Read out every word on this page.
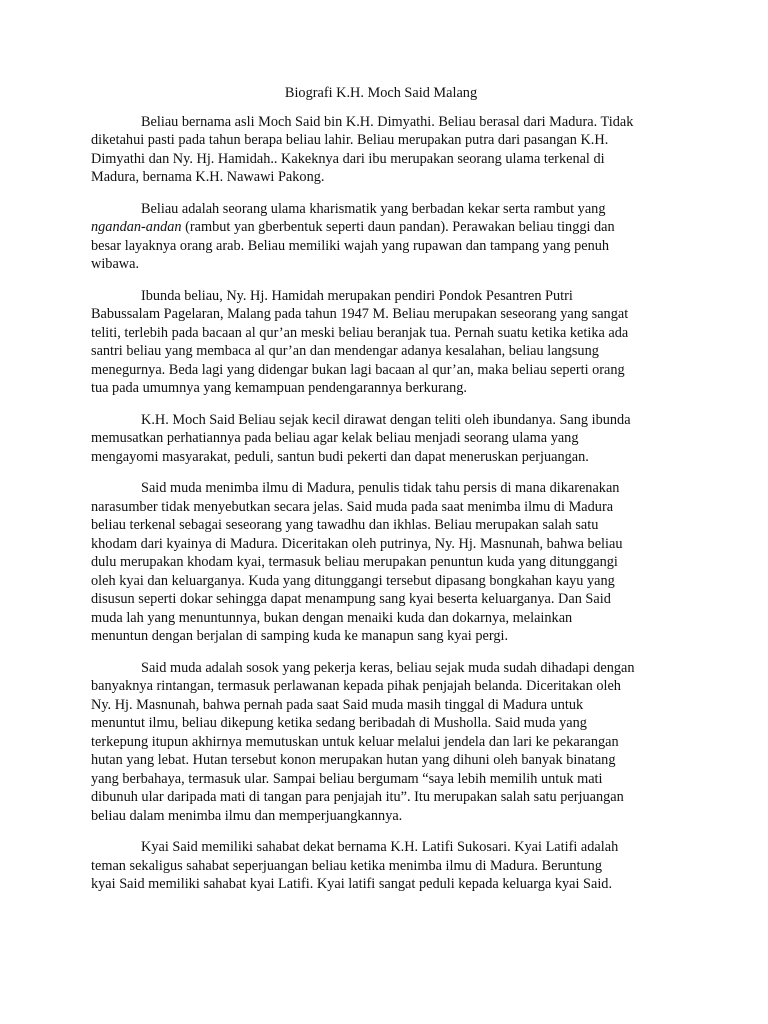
Biografi K.H. Moch Said Malang
Beliau bernama asli Moch Said bin K.H. Dimyathi. Beliau berasal dari Madura. Tidak
diketahui pasti pada tahun berapa beliau lahir. Beliau merupakan putra dari pasangan K.H.
Dimyathi dan Ny. Hj. Hamidah.. Kakeknya dari ibu merupakan seorang ulama terkenal di
Madura, bernama K.H. Nawawi Pakong.
Beliau adalah seorang ulama kharismatik yang berbadan kekar serta rambut yang
ngandan-andan (rambut yan gberbentuk seperti daun pandan). Perawakan beliau tinggi dan
besar layaknya orang arab. Beliau memiliki wajah yang rupawan dan tampang yang penuh
wibawa.
Ibunda beliau, Ny. Hj. Hamidah merupakan pendiri Pondok Pesantren Putri
Babussalam Pagelaran, Malang pada tahun 1947 M. Beliau merupakan seseorang yang sangat
teliti, terlebih pada bacaan al qur’an meski beliau beranjak tua. Pernah suatu ketika ketika ada
santri beliau yang membaca al qur’an dan mendengar adanya kesalahan, beliau langsung
menegurnya. Beda lagi yang didengar bukan lagi bacaan al qur’an, maka beliau seperti orang
tua pada umumnya yang kemampuan pendengarannya berkurang.
K.H. Moch Said Beliau sejak kecil dirawat dengan teliti oleh ibundanya. Sang ibunda
memusatkan perhatiannya pada beliau agar kelak beliau menjadi seorang ulama yang
mengayomi masyarakat, peduli, santun budi pekerti dan dapat meneruskan perjuangan.
Said muda menimba ilmu di Madura, penulis tidak tahu persis di mana dikarenakan
narasumber tidak menyebutkan secara jelas. Said muda pada saat menimba ilmu di Madura
beliau terkenal sebagai seseorang yang tawadhu dan ikhlas. Beliau merupakan salah satu
khodam dari kyainya di Madura. Diceritakan oleh putrinya, Ny. Hj. Masnunah, bahwa beliau
dulu merupakan khodam kyai, termasuk beliau merupakan penuntun kuda yang ditunggangi
oleh kyai dan keluarganya. Kuda yang ditunggangi tersebut dipasang bongkahan kayu yang
disusun seperti dokar sehingga dapat menampung sang kyai beserta keluarganya. Dan Said
muda lah yang menuntunnya, bukan dengan menaiki kuda dan dokarnya, melainkan
menuntun dengan berjalan di samping kuda ke manapun sang kyai pergi.
Said muda adalah sosok yang pekerja keras, beliau sejak muda sudah dihadapi dengan
banyaknya rintangan, termasuk perlawanan kepada pihak penjajah belanda. Diceritakan oleh
Ny. Hj. Masnunah, bahwa pernah pada saat Said muda masih tinggal di Madura untuk
menuntut ilmu, beliau dikepung ketika sedang beribadah di Musholla. Said muda yang
terkepung itupun akhirnya memutuskan untuk keluar melalui jendela dan lari ke pekarangan
hutan yang lebat. Hutan tersebut konon merupakan hutan yang dihuni oleh banyak binatang
yang berbahaya, termasuk ular. Sampai beliau bergumam “saya lebih memilih untuk mati
dibunuh ular daripada mati di tangan para penjajah itu”. Itu merupakan salah satu perjuangan
beliau dalam menimba ilmu dan memperjuangkannya.
Kyai Said memiliki sahabat dekat bernama K.H. Latifi Sukosari. Kyai Latifi adalah
teman sekaligus sahabat seperjuangan beliau ketika menimba ilmu di Madura. Beruntung
kyai Said memiliki sahabat kyai Latifi. Kyai latifi sangat peduli kepada keluarga kyai Said.
